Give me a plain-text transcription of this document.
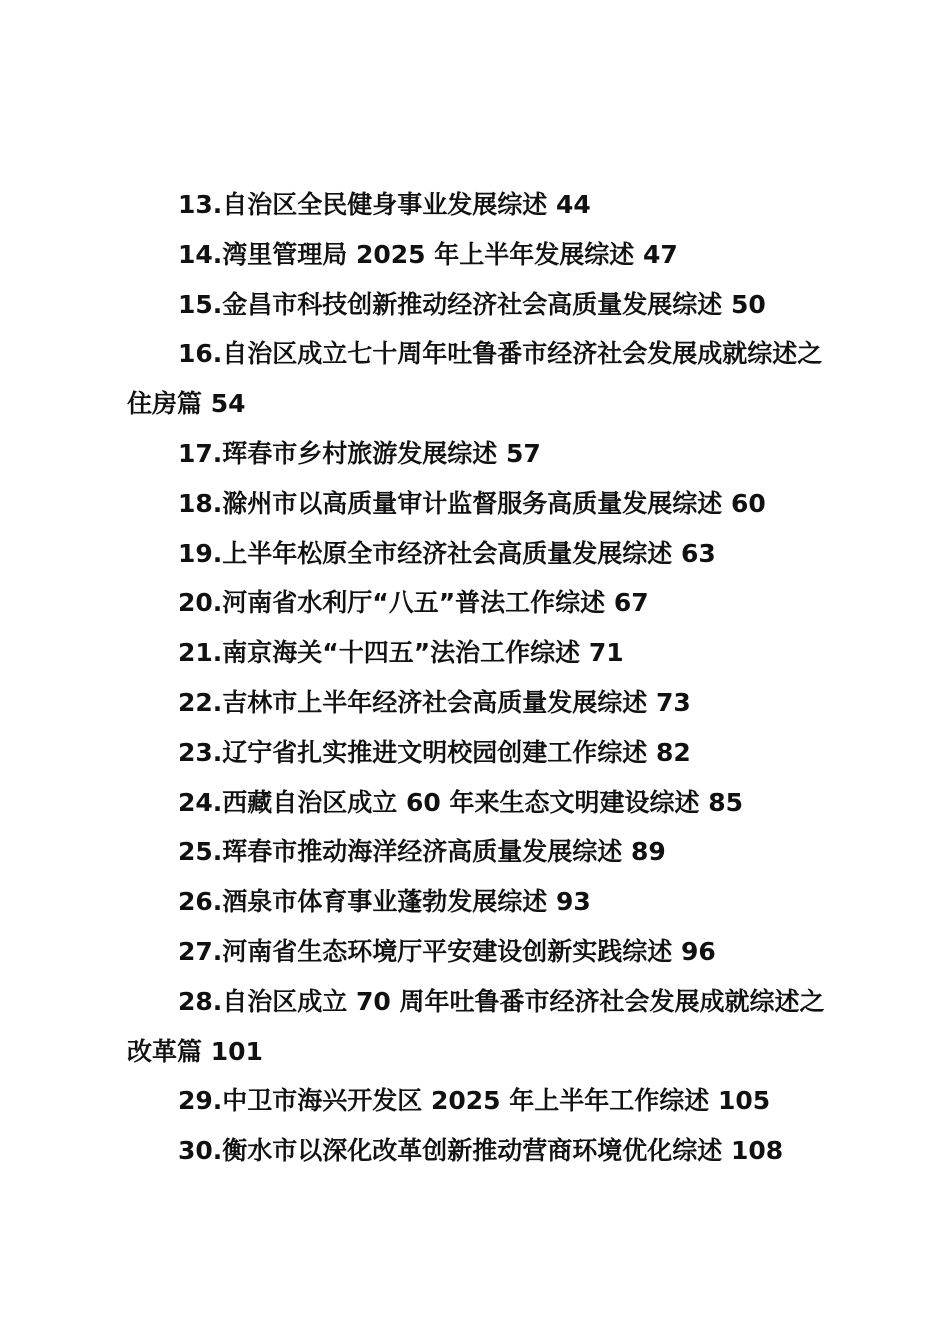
13.自治区全民健身事业发展综述 44
14.湾里管理局 2025 年上半年发展综述 47
15.金昌市科技创新推动经济社会高质量发展综述 50
16.自治区成立七十周年吐鲁番市经济社会发展成就综述之住房篇 54
17.珲春市乡村旅游发展综述 57
18.滁州市以高质量审计监督服务高质量发展综述 60
19.上半年松原全市经济社会高质量发展综述 63
20.河南省水利厅“八五”普法工作综述 67
21.南京海关“十四五”法治工作综述 71
22.吉林市上半年经济社会高质量发展综述 73
23.辽宁省扎实推进文明校园创建工作综述 82
24.西藏自治区成立 60 年来生态文明建设综述 85
25.珲春市推动海洋经济高质量发展综述 89
26.酒泉市体育事业蓬勃发展综述 93
27.河南省生态环境厅平安建设创新实践综述 96
28.自治区成立 70 周年吐鲁番市经济社会发展成就综述之改革篇 101
29.中卫市海兴开发区 2025 年上半年工作综述 105
30.衡水市以深化改革创新推动营商环境优化综述 108
